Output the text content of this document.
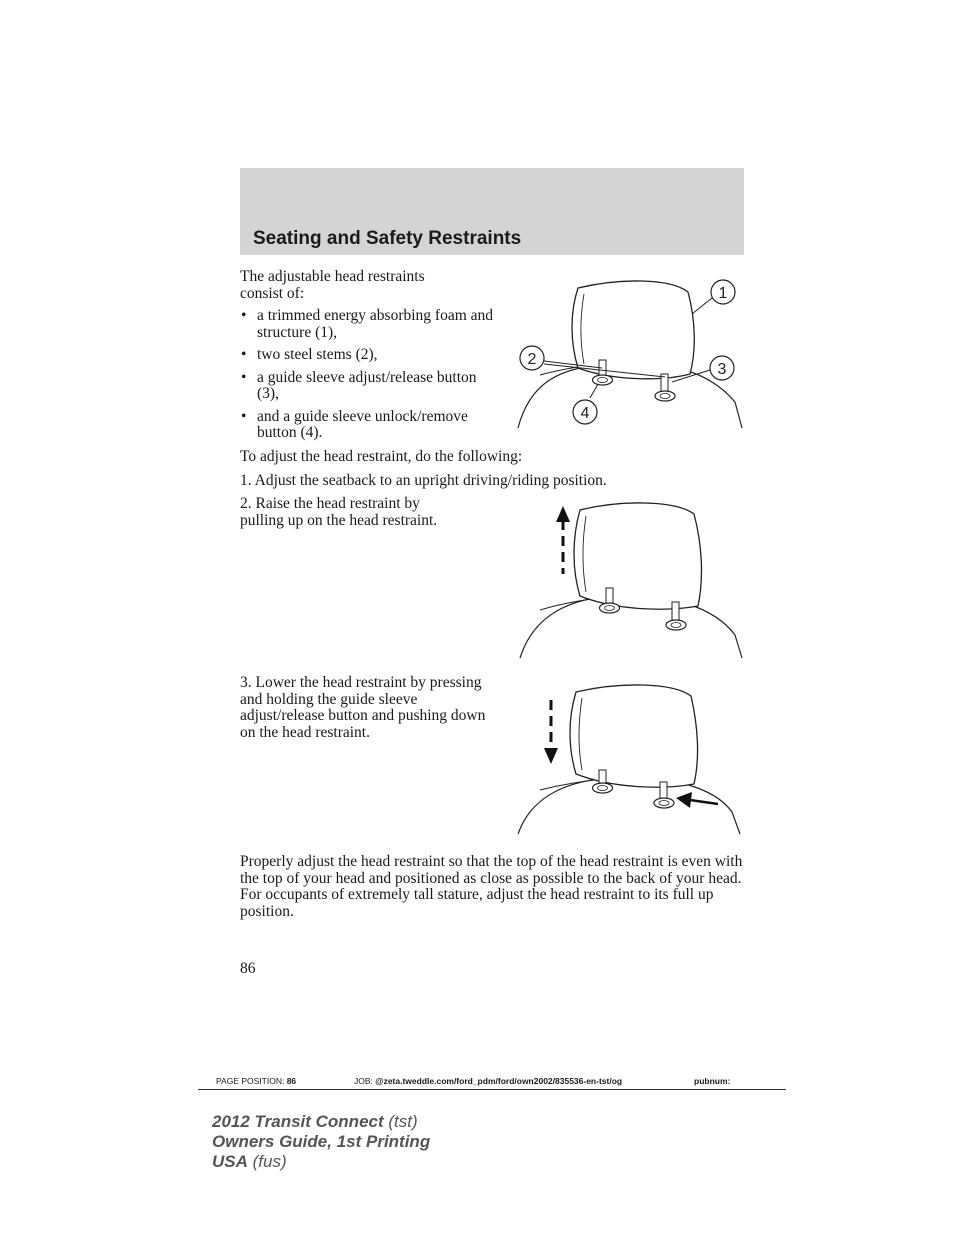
Seating and Safety Restraints
The adjustable head restraints consist of:
• a trimmed energy absorbing foam and structure (1),
• two steel stems (2),
• a guide sleeve adjust/release button (3),
• and a guide sleeve unlock/remove button (4).
1
2
3
4
To adjust the head restraint, do the following:
1. Adjust the seatback to an upright driving/riding position.
2. Raise the head restraint by pulling up on the head restraint.
3. Lower the head restraint by pressing and holding the guide sleeve adjust/release button and pushing down on the head restraint.
Properly adjust the head restraint so that the top of the head restraint is even with the top of your head and positioned as close as possible to the back of your head. For occupants of extremely tall stature, adjust the head restraint to its full up position.
86
PAGE POSITION: 86	JOB: @zeta.tweddle.com/ford_pdm/ford/own2002/835536-en-tst/og	pubnum:
2012 Transit Connect (tst)
Owners Guide, 1st Printing
USA (fus)
